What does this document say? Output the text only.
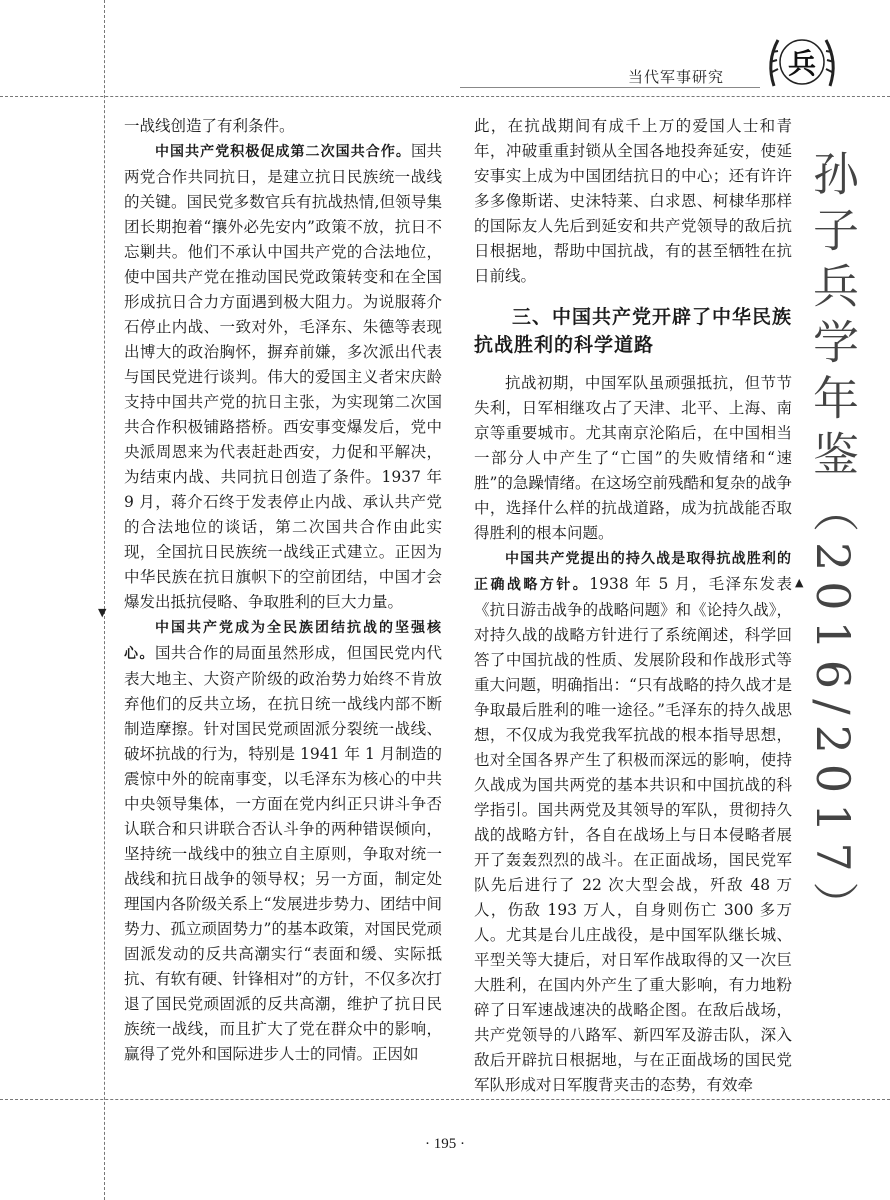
兵
当代军事研究

一战线创造了有利条件。

中国共产党积极促成第二次国共合作。国共两党合作共同抗日，是建立抗日民族统一战线的关键。国民党多数官兵有抗战热情,但领导集团长期抱着“攘外必先安内”政策不放，抗日不忘剿共。他们不承认中国共产党的合法地位，使中国共产党在推动国民党政策转变和在全国形成抗日合力方面遇到极大阻力。为说服蒋介石停止内战、一致对外，毛泽东、朱德等表现出博大的政治胸怀，摒弃前嫌，多次派出代表与国民党进行谈判。伟大的爱国主义者宋庆龄支持中国共产党的抗日主张，为实现第二次国共合作积极铺路搭桥。西安事变爆发后，党中央派周恩来为代表赶赴西安，力促和平解决，为结束内战、共同抗日创造了条件。1937 年 9 月，蒋介石终于发表停止内战、承认共产党的合法地位的谈话，第二次国共合作由此实现，全国抗日民族统一战线正式建立。正因为中华民族在抗日旗帜下的空前团结，中国才会爆发出抵抗侵略、争取胜利的巨大力量。

中国共产党成为全民族团结抗战的坚强核心。国共合作的局面虽然形成，但国民党内代表大地主、大资产阶级的政治势力始终不肯放弃他们的反共立场，在抗日统一战线内部不断制造摩擦。针对国民党顽固派分裂统一战线、破坏抗战的行为，特别是 1941 年 1 月制造的震惊中外的皖南事变，以毛泽东为核心的中共中央领导集体，一方面在党内纠正只讲斗争否认联合和只讲联合否认斗争的两种错误倾向，坚持统一战线中的独立自主原则，争取对统一战线和抗日战争的领导权；另一方面，制定处理国内各阶级关系上“发展进步势力、团结中间势力、孤立顽固势力”的基本政策，对国民党顽固派发动的反共高潮实行“表面和缓、实际抵抗、有软有硬、针锋相对”的方针，不仅多次打退了国民党顽固派的反共高潮，维护了抗日民族统一战线，而且扩大了党在群众中的影响，赢得了党外和国际进步人士的同情。正因如

此，在抗战期间有成千上万的爱国人士和青年，冲破重重封锁从全国各地投奔延安，使延安事实上成为中国团结抗日的中心；还有许许多多像斯诺、史沫特莱、白求恩、柯棣华那样的国际友人先后到延安和共产党领导的敌后抗日根据地，帮助中国抗战，有的甚至牺牲在抗日前线。

三、中国共产党开辟了中华民族抗战胜利的科学道路

抗战初期，中国军队虽顽强抵抗，但节节失利，日军相继攻占了天津、北平、上海、南京等重要城市。尤其南京沦陷后，在中国相当一部分人中产生了“亡国”的失败情绪和“速胜”的急躁情绪。在这场空前残酷和复杂的战争中，选择什么样的抗战道路，成为抗战能否取得胜利的根本问题。

中国共产党提出的持久战是取得抗战胜利的正确战略方针。1938 年 5 月，毛泽东发表《抗日游击战争的战略问题》和《论持久战》，对持久战的战略方针进行了系统阐述，科学回答了中国抗战的性质、发展阶段和作战形式等重大问题，明确指出：“只有战略的持久战才是争取最后胜利的唯一途径。”毛泽东的持久战思想，不仅成为我党我军抗战的根本指导思想，也对全国各界产生了积极而深远的影响，使持久战成为国共两党的基本共识和中国抗战的科学指引。国共两党及其领导的军队，贯彻持久战的战略方针，各自在战场上与日本侵略者展开了轰轰烈烈的战斗。在正面战场，国民党军队先后进行了 22 次大型会战，歼敌 48 万人，伤敌 193 万人，自身则伤亡 300 多万人。尤其是台儿庄战役，是中国军队继长城、平型关等大捷后，对日军作战取得的又一次巨大胜利，在国内外产生了重大影响，有力地粉碎了日军速战速决的战略企图。在敌后战场，共产党领导的八路军、新四军及游击队，深入敌后开辟抗日根据地，与在正面战场的国民党军队形成对日军腹背夹击的态势，有效牵

孙子兵学年鉴（2016/2017）
▼
▲
· 195 ·
